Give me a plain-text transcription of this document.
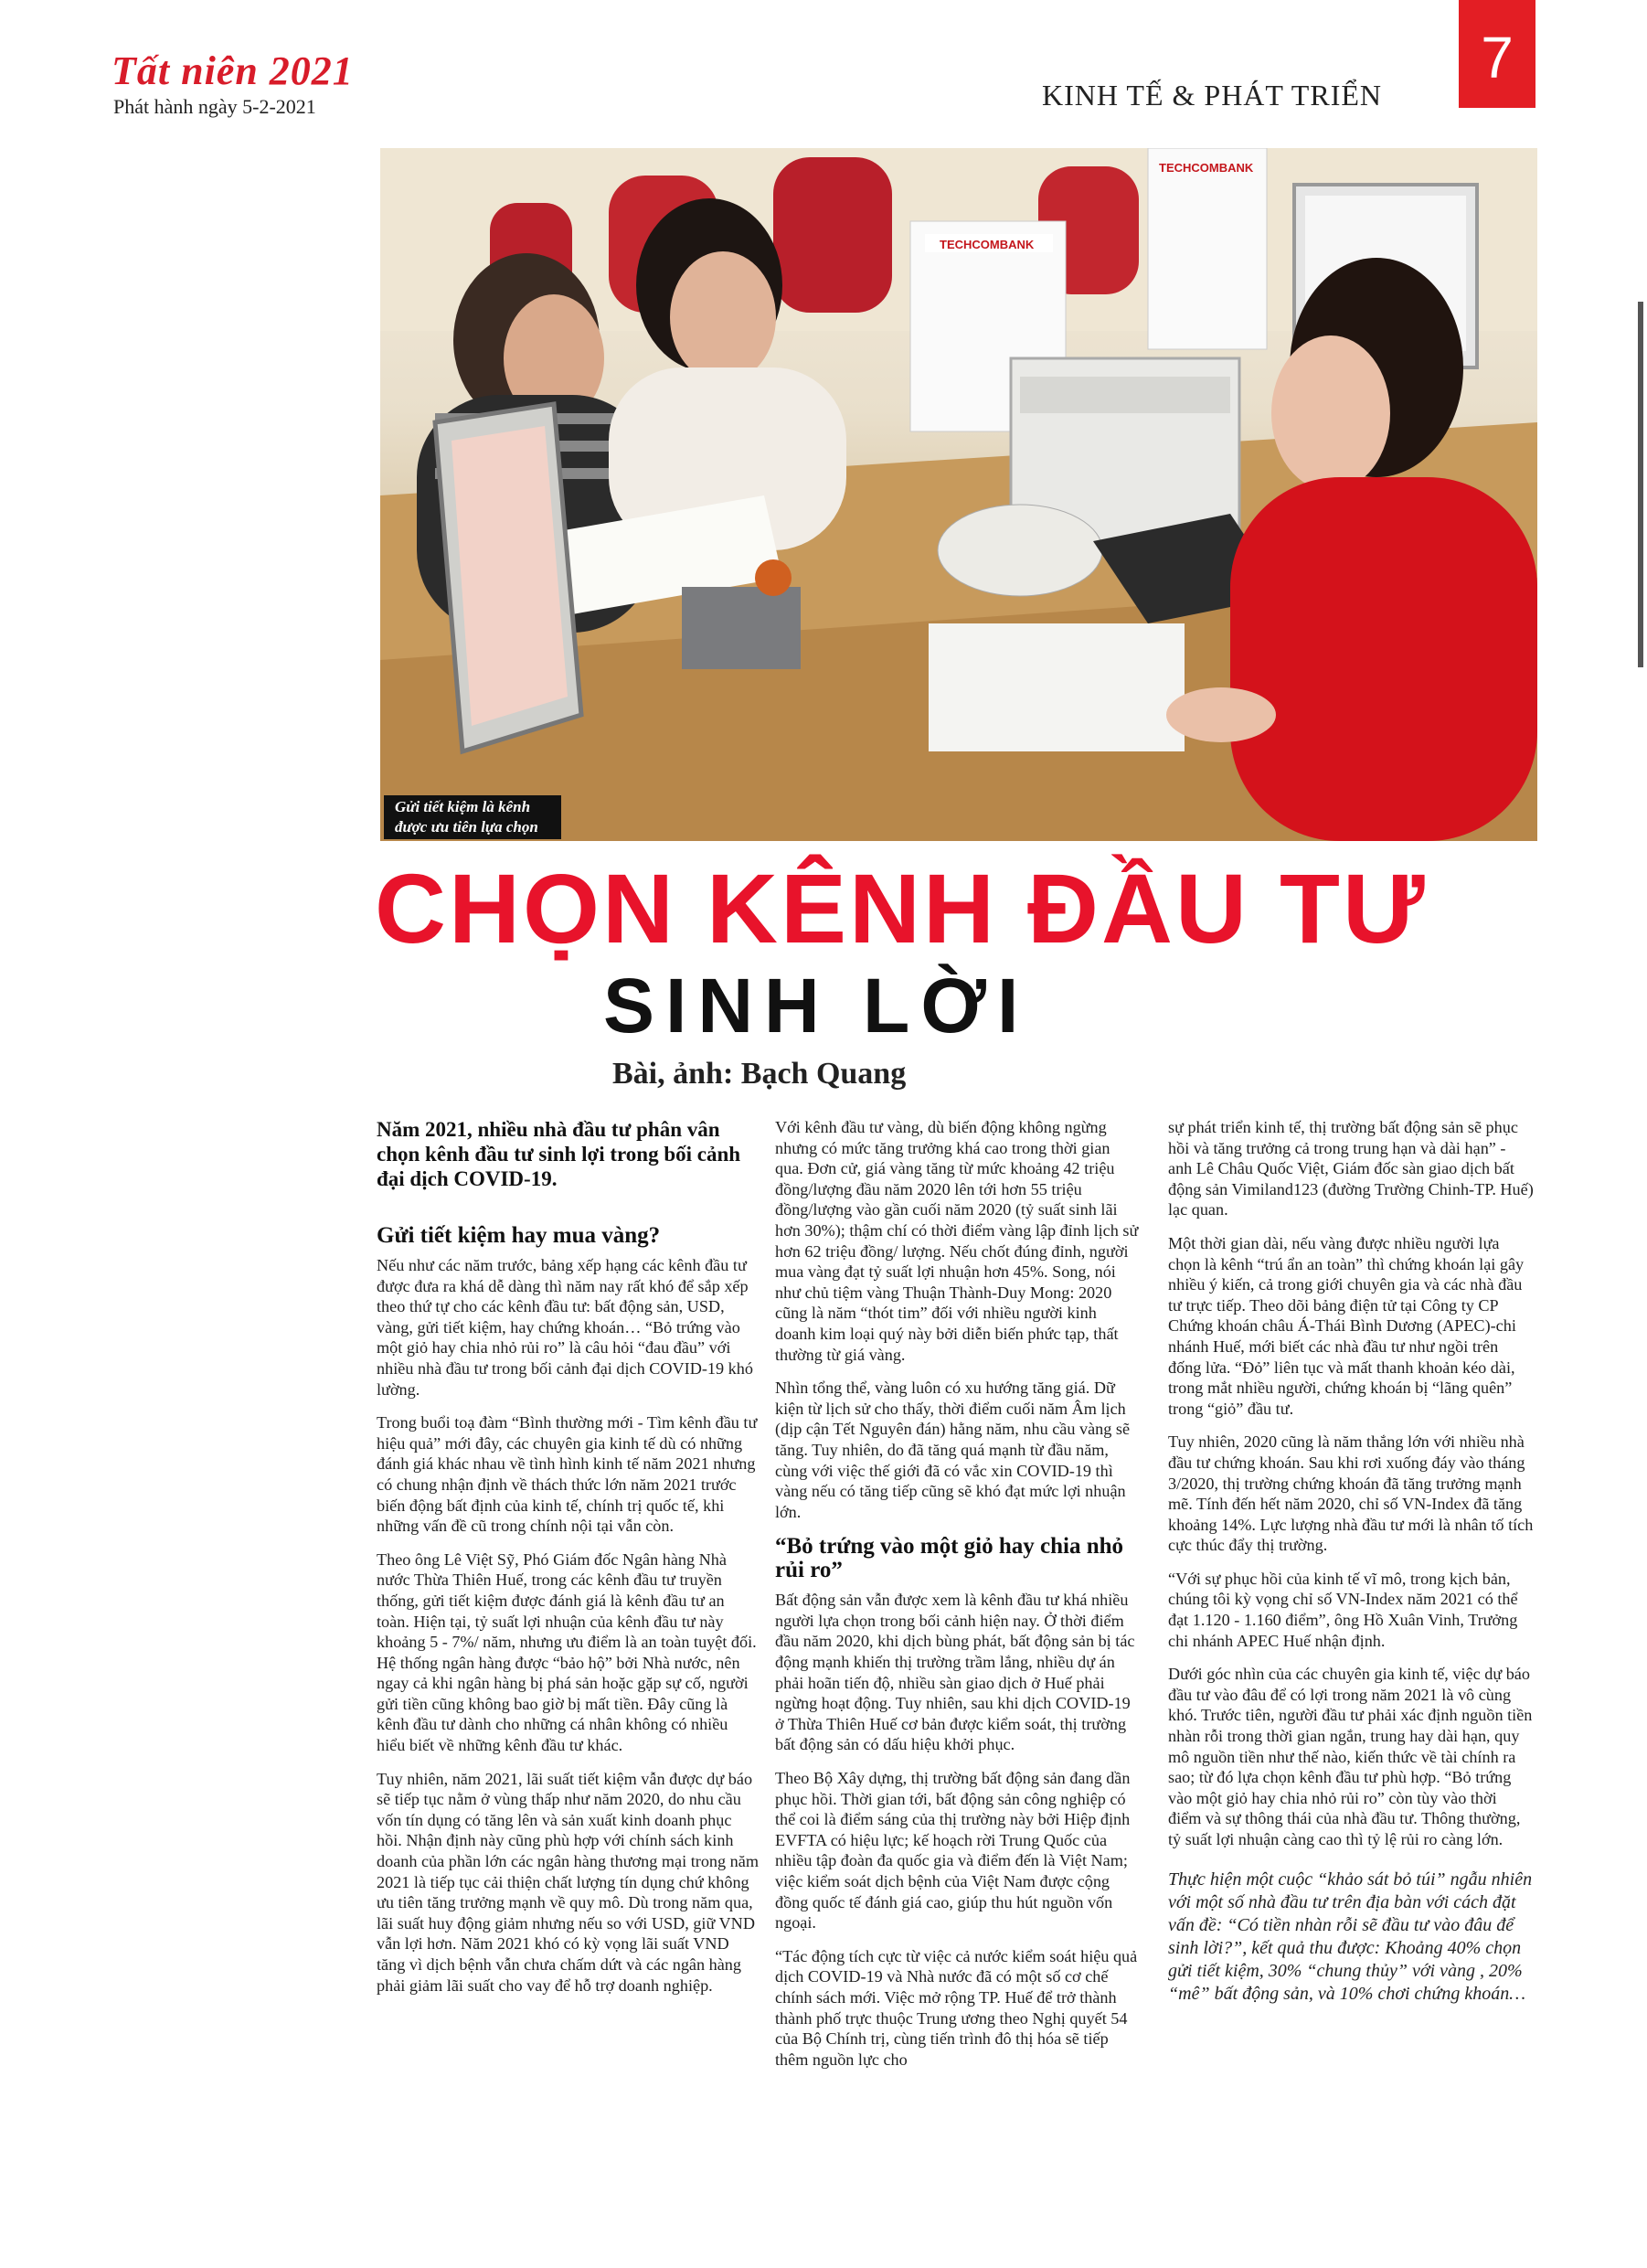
Tất niên 2021
Phát hành ngày 5-2-2021	KINH TẾ & PHÁT TRIỂN
7
TECHCOMBANK
TECHCOMBANK
Gửi tiết kiệm là kênh
được ưu tiên lựa chọn
CHỌN KÊNH ĐẦU TƯ
SINH LỜI
Bài, ảnh: Bạch Quang

Năm 2021, nhiều nhà đầu tư phân vân chọn kênh đầu tư sinh lợi trong bối cảnh đại dịch COVID-19.

Gửi tiết kiệm hay mua vàng?

Nếu như các năm trước, bảng xếp hạng các kênh đầu tư được đưa ra khá dễ dàng thì năm nay rất khó để sắp xếp theo thứ tự cho các kênh đầu tư: bất động sản, USD, vàng, gửi tiết kiệm, hay chứng khoán… “Bỏ trứng vào một giỏ hay chia nhỏ rủi ro” là câu hỏi “đau đầu” với nhiều nhà đầu tư trong bối cảnh đại dịch COVID-19 khó lường.

Trong buổi toạ đàm “Bình thường mới - Tìm kênh đầu tư hiệu quả” mới đây, các chuyên gia kinh tế dù có những đánh giá khác nhau về tình hình kinh tế năm 2021 nhưng có chung nhận định về thách thức lớn năm 2021 trước biến động bất định của kinh tế, chính trị quốc tế, khi những vấn đề cũ trong chính nội tại vẫn còn.

Theo ông Lê Việt Sỹ, Phó Giám đốc Ngân hàng Nhà nước Thừa Thiên Huế, trong các kênh đầu tư truyền thống, gửi tiết kiệm được đánh giá là kênh đầu tư an toàn. Hiện tại, tỷ suất lợi nhuận của kênh đầu tư này khoảng 5 - 7%/ năm, nhưng ưu điểm là an toàn tuyệt đối. Hệ thống ngân hàng được “bảo hộ” bởi Nhà nước, nên ngay cả khi ngân hàng bị phá sản hoặc gặp sự cố, người gửi tiền cũng không bao giờ bị mất tiền. Đây cũng là kênh đầu tư dành cho những cá nhân không có nhiều hiểu biết về những kênh đầu tư khác.

Tuy nhiên, năm 2021, lãi suất tiết kiệm vẫn được dự báo sẽ tiếp tục nằm ở vùng thấp như năm 2020, do nhu cầu vốn tín dụng có tăng lên và sản xuất kinh doanh phục hồi. Nhận định này cũng phù hợp với chính sách kinh doanh của phần lớn các ngân hàng thương mại trong năm 2021 là tiếp tục cải thiện chất lượng tín dụng chứ không ưu tiên tăng trưởng mạnh về quy mô. Dù trong năm qua, lãi suất huy động giảm nhưng nếu so với USD, giữ VND vẫn lợi hơn. Năm 2021 khó có kỳ vọng lãi suất VND tăng vì dịch bệnh vẫn chưa chấm dứt và các ngân hàng phải giảm lãi suất cho vay để hỗ trợ doanh nghiệp.

Với kênh đầu tư vàng, dù biến động không ngừng nhưng có mức tăng trưởng khá cao trong thời gian qua. Đơn cử, giá vàng tăng từ mức khoảng 42 triệu đồng/lượng đầu năm 2020 lên tới hơn 55 triệu đồng/lượng vào gần cuối năm 2020 (tỷ suất sinh lãi hơn 30%); thậm chí có thời điểm vàng lập đỉnh lịch sử hơn 62 triệu đồng/ lượng. Nếu chốt đúng đỉnh, người mua vàng đạt tỷ suất lợi nhuận hơn 45%. Song, nói như chủ tiệm vàng Thuận Thành-Duy Mong: 2020 cũng là năm “thót tim” đối với nhiều người kinh doanh kim loại quý này bởi diễn biến phức tạp, thất thường từ giá vàng.

Nhìn tổng thể, vàng luôn có xu hướng tăng giá. Dữ kiện từ lịch sử cho thấy, thời điểm cuối năm Âm lịch (dịp cận Tết Nguyên đán) hằng năm, nhu cầu vàng sẽ tăng. Tuy nhiên, do đã tăng quá mạnh từ đầu năm, cùng với việc thế giới đã có vắc xin COVID-19 thì vàng nếu có tăng tiếp cũng sẽ khó đạt mức lợi nhuận lớn.

“Bỏ trứng vào một giỏ hay chia nhỏ rủi ro”

Bất động sản vẫn được xem là kênh đầu tư khá nhiều người lựa chọn trong bối cảnh hiện nay. Ở thời điểm đầu năm 2020, khi dịch bùng phát, bất động sản bị tác động mạnh khiến thị trường trầm lắng, nhiều dự án phải hoãn tiến độ, nhiều sàn giao dịch ở Huế phải ngừng hoạt động. Tuy nhiên, sau khi dịch COVID-19 ở Thừa Thiên Huế cơ bản được kiểm soát, thị trường bất động sản có dấu hiệu khởi phục.

Theo Bộ Xây dựng, thị trường bất động sản đang dần phục hồi. Thời gian tới, bất động sản công nghiệp có thể coi là điểm sáng của thị trường này bởi Hiệp định EVFTA có hiệu lực; kế hoạch rời Trung Quốc của nhiều tập đoàn đa quốc gia và điểm đến là Việt Nam; việc kiểm soát dịch bệnh của Việt Nam được cộng đồng quốc tế đánh giá cao, giúp thu hút nguồn vốn ngoại.

“Tác động tích cực từ việc cả nước kiểm soát hiệu quả dịch COVID-19 và Nhà nước đã có một số cơ chế chính sách mới. Việc mở rộng TP. Huế để trở thành thành phố trực thuộc Trung ương theo Nghị quyết 54 của Bộ Chính trị, cùng tiến trình đô thị hóa sẽ tiếp thêm nguồn lực cho

sự phát triển kinh tế, thị trường bất động sản sẽ phục hồi và tăng trưởng cả trong trung hạn và dài hạn” - anh Lê Châu Quốc Việt, Giám đốc sàn giao dịch bất động sản Vimiland123 (đường Trường Chinh-TP. Huế) lạc quan.

Một thời gian dài, nếu vàng được nhiều người lựa chọn là kênh “trú ẩn an toàn” thì chứng khoán lại gây nhiều ý kiến, cả trong giới chuyên gia và các nhà đầu tư trực tiếp. Theo dõi bảng điện tử tại Công ty CP Chứng khoán châu Á-Thái Bình Dương (APEC)-chi nhánh Huế, mới biết các nhà đầu tư như ngồi trên đống lửa. “Đỏ” liên tục và mất thanh khoản kéo dài, trong mắt nhiều người, chứng khoán bị “lãng quên” trong “giỏ” đầu tư.

Tuy nhiên, 2020 cũng là năm thắng lớn với nhiều nhà đầu tư chứng khoán. Sau khi rơi xuống đáy vào tháng 3/2020, thị trường chứng khoán đã tăng trưởng mạnh mẽ. Tính đến hết năm 2020, chỉ số VN-Index đã tăng khoảng 14%. Lực lượng nhà đầu tư mới là nhân tố tích cực thúc đẩy thị trường.

“Với sự phục hồi của kinh tế vĩ mô, trong kịch bản, chúng tôi kỳ vọng chỉ số VN-Index năm 2021 có thể đạt 1.120 - 1.160 điểm”, ông Hồ Xuân Vinh, Trưởng chi nhánh APEC Huế nhận định.

Dưới góc nhìn của các chuyên gia kinh tế, việc dự báo đầu tư vào đâu để có lợi trong năm 2021 là vô cùng khó. Trước tiên, người đầu tư phải xác định nguồn tiền nhàn rỗi trong thời gian ngắn, trung hay dài hạn, quy mô nguồn tiền như thế nào, kiến thức về tài chính ra sao; từ đó lựa chọn kênh đầu tư phù hợp. “Bỏ trứng vào một giỏ hay chia nhỏ rủi ro” còn tùy vào thời điểm và sự thông thái của nhà đầu tư. Thông thường, tỷ suất lợi nhuận càng cao thì tỷ lệ rủi ro càng lớn.

Thực hiện một cuộc “khảo sát bỏ túi” ngẫu nhiên với một số nhà đầu tư trên địa bàn với cách đặt vấn đề: “Có tiền nhàn rỗi sẽ đầu tư vào đâu để sinh lời?”, kết quả thu được: Khoảng 40% chọn gửi tiết kiệm, 30% “chung thủy” với vàng , 20% “mê” bất động sản, và 10% chơi chứng khoán…
